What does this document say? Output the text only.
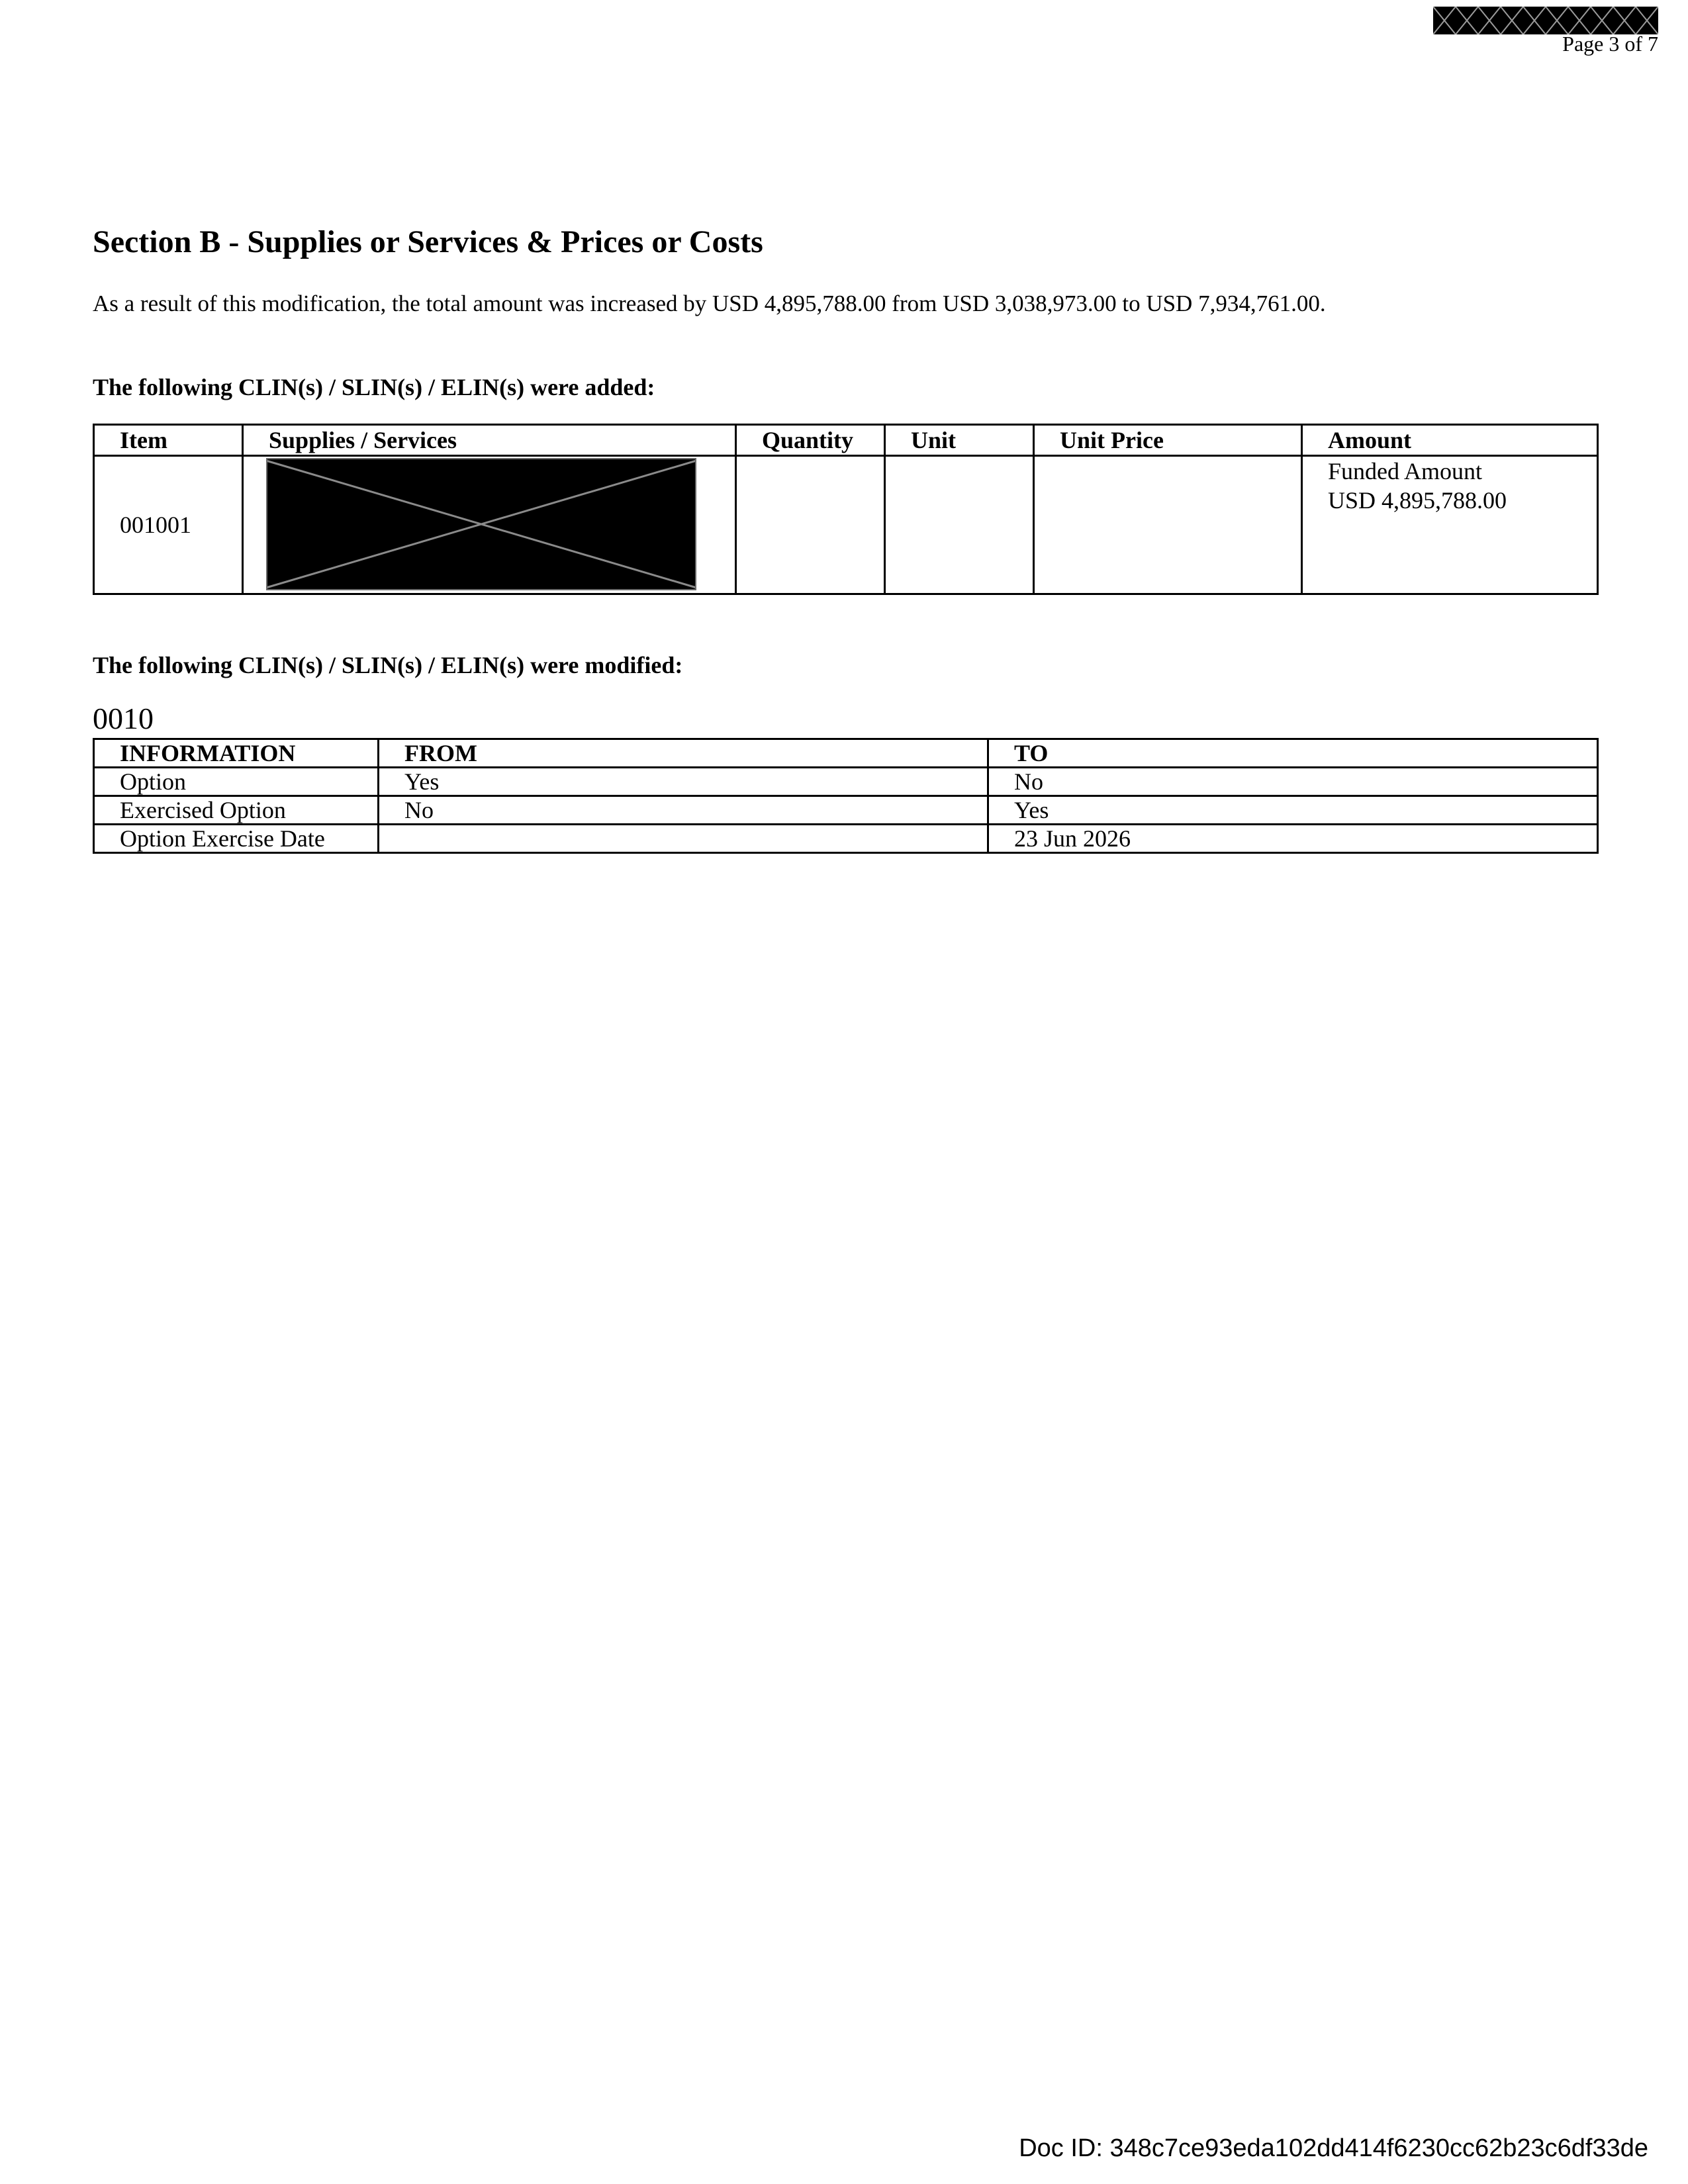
Page 3 of 7
Section B - Supplies or Services & Prices or Costs

As a result of this modification, the total amount was increased by USD 4,895,788.00 from USD 3,038,973.00 to USD 7,934,761.00.

The following CLIN(s) / SLIN(s) / ELIN(s) were added:

Item	Supplies / Services	Quantity	Unit	Unit Price	Amount
001001					Funded Amount
USD 4,895,788.00

The following CLIN(s) / SLIN(s) / ELIN(s) were modified:

0010

INFORMATION	FROM	TO
Option	Yes	No
Exercised Option	No	Yes
Option Exercise Date		23 Jun 2026

Doc ID: 348c7ce93eda102dd414f6230cc62b23c6df33de
